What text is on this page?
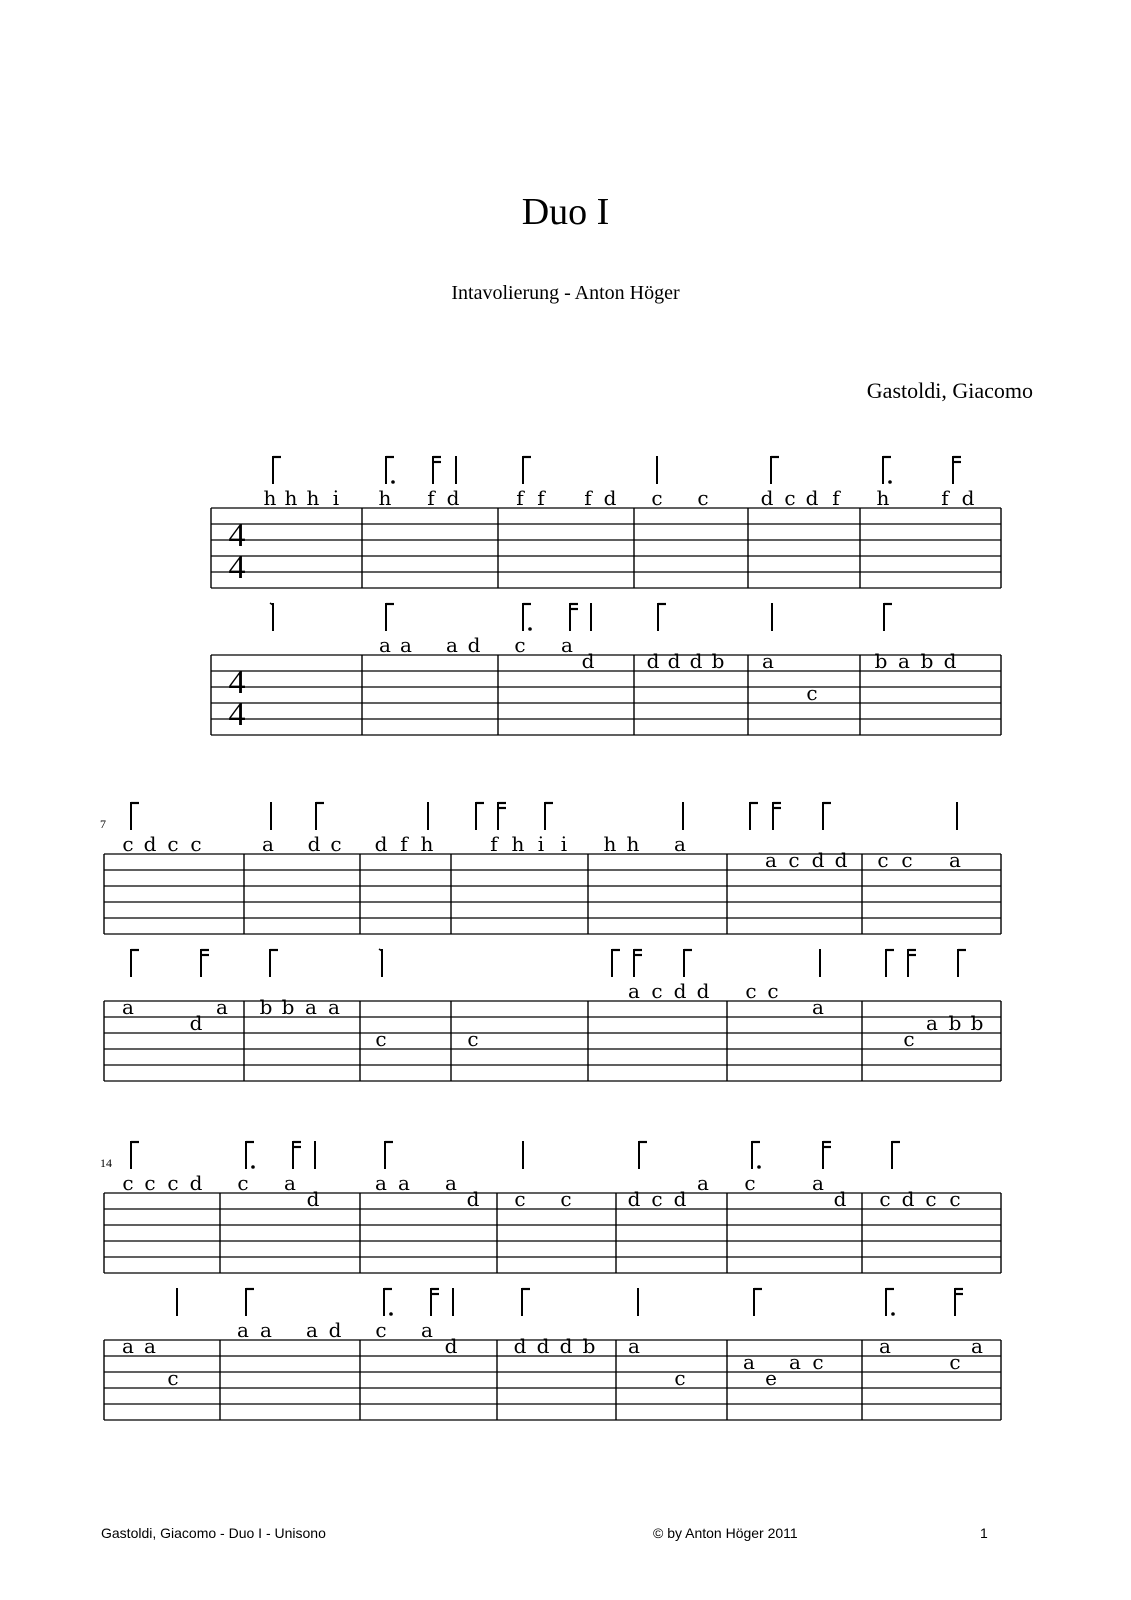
Duo I
Intavolierung - Anton Höger
Gastoldi, Giacomo
4
4
h h h i h f d	f f f d c c	d c d f h	f d
4
4
a a a d c a
d	d d d b a
c
b a b d
7
c d c c	a d c d f h	f h i i h h a
a c d d c c a
a
d
a b b a a
c	c
a c d d c c
a
c
a b b
14
c c c d c a
d
a a a
d c c	d c d
a c	a
d c d c c
a a
c
a a a d c a
d	d d d b a
c
a
e
a c
a
c
a
Gastoldi, Giacomo - Duo I - Unisono	© by Anton Höger 2011	1
